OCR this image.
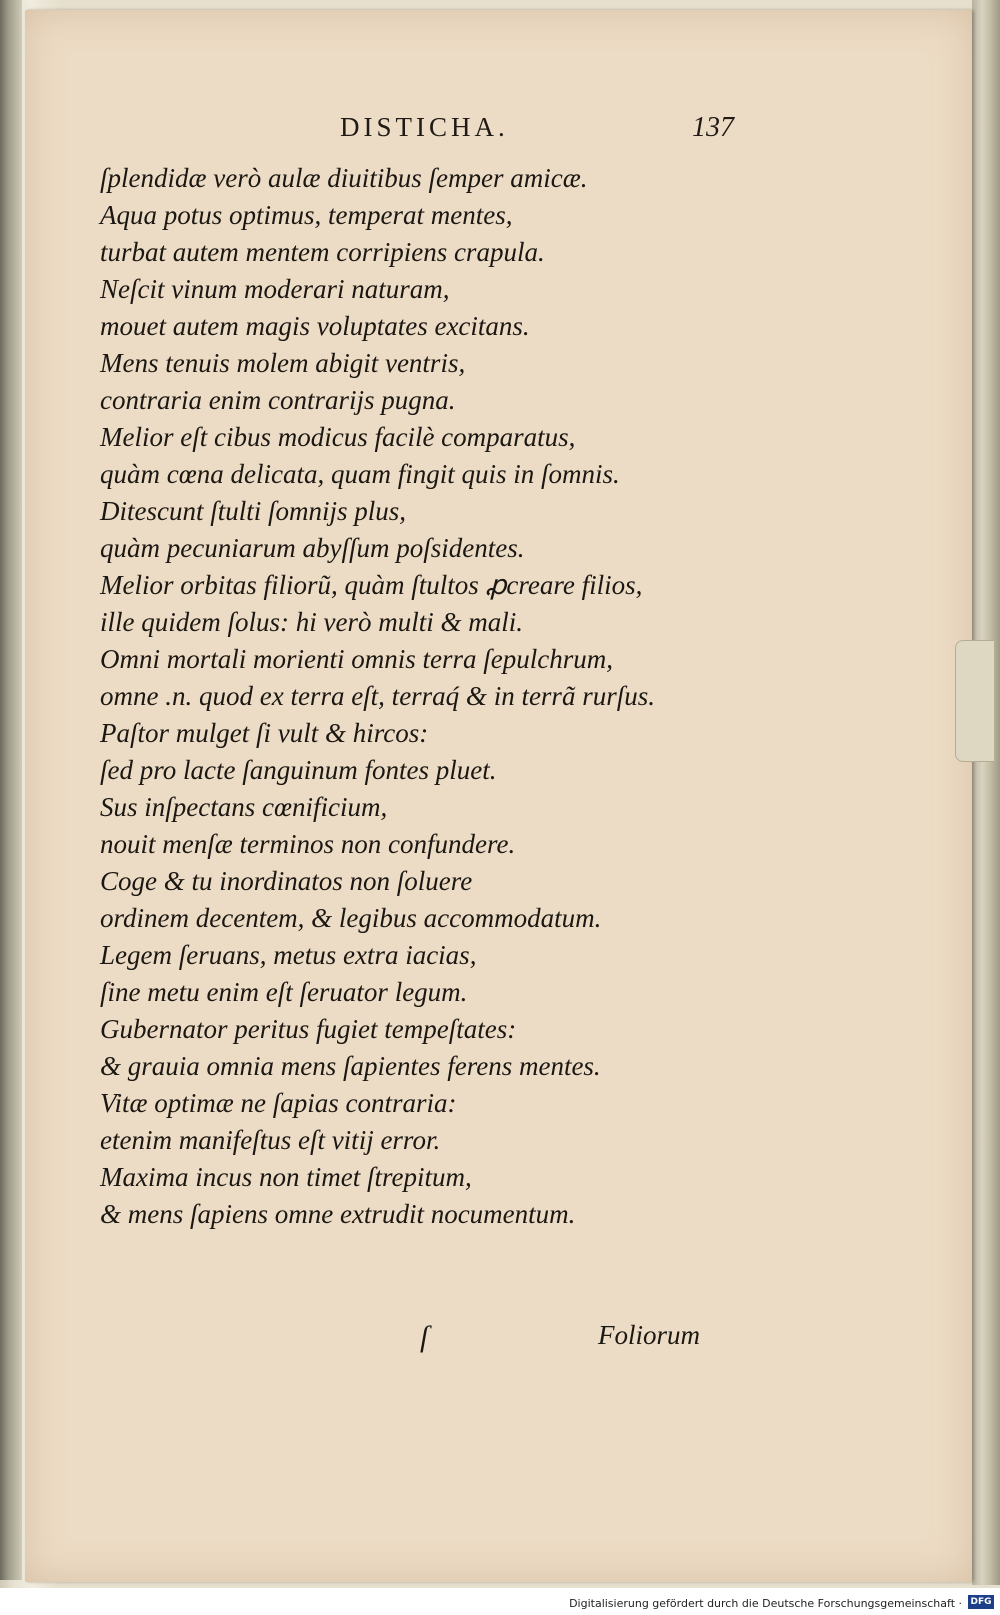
DISTICHA.	137
ſplendidæ verò aulæ diuitibus ſemper amicæ.
Aqua potus optimus, temperat mentes,
turbat autem mentem corripiens crapula.
Neſcit vinum moderari naturam,
mouet autem magis voluptates excitans.
Mens tenuis molem abigit ventris,
contraria enim contrarijs pugna.
Melior eſt cibus modicus facilè comparatus,
quàm cœna delicata, quam fingit quis in ſomnis.
Ditescunt ſtulti ſomnijs plus,
quàm pecuniarum abyſſum poſsidentes.
Melior orbitas filiorũ, quàm ſtultos ꝓcreare filios,
ille quidem ſolus: hi verò multi & mali.
Omni mortali morienti omnis terra ſepulchrum,
omne .n. quod ex terra eſt, terraq́ & in terrã rurſus.
Paſtor mulget ſi vult & hircos:
ſed pro lacte ſanguinum fontes pluet.
Sus inſpectans cœnificium,
nouit menſæ terminos non confundere.
Coge & tu inordinatos non ſoluere
ordinem decentem, & legibus accommodatum.
Legem ſeruans, metus extra iacias,
ſine metu enim eſt ſeruator legum.
Gubernator peritus fugiet tempeſtates:
& grauia omnia mens ſapientes ferens mentes.
Vitæ optimæ ne ſapias contraria:
etenim manifeſtus eſt vitij error.
Maxima incus non timet ſtrepitum,
& mens ſapiens omne extrudit nocumentum.
ſ	Foliorum
Digitalisierung gefördert durch die Deutsche Forschungsgemeinschaft · DFG
